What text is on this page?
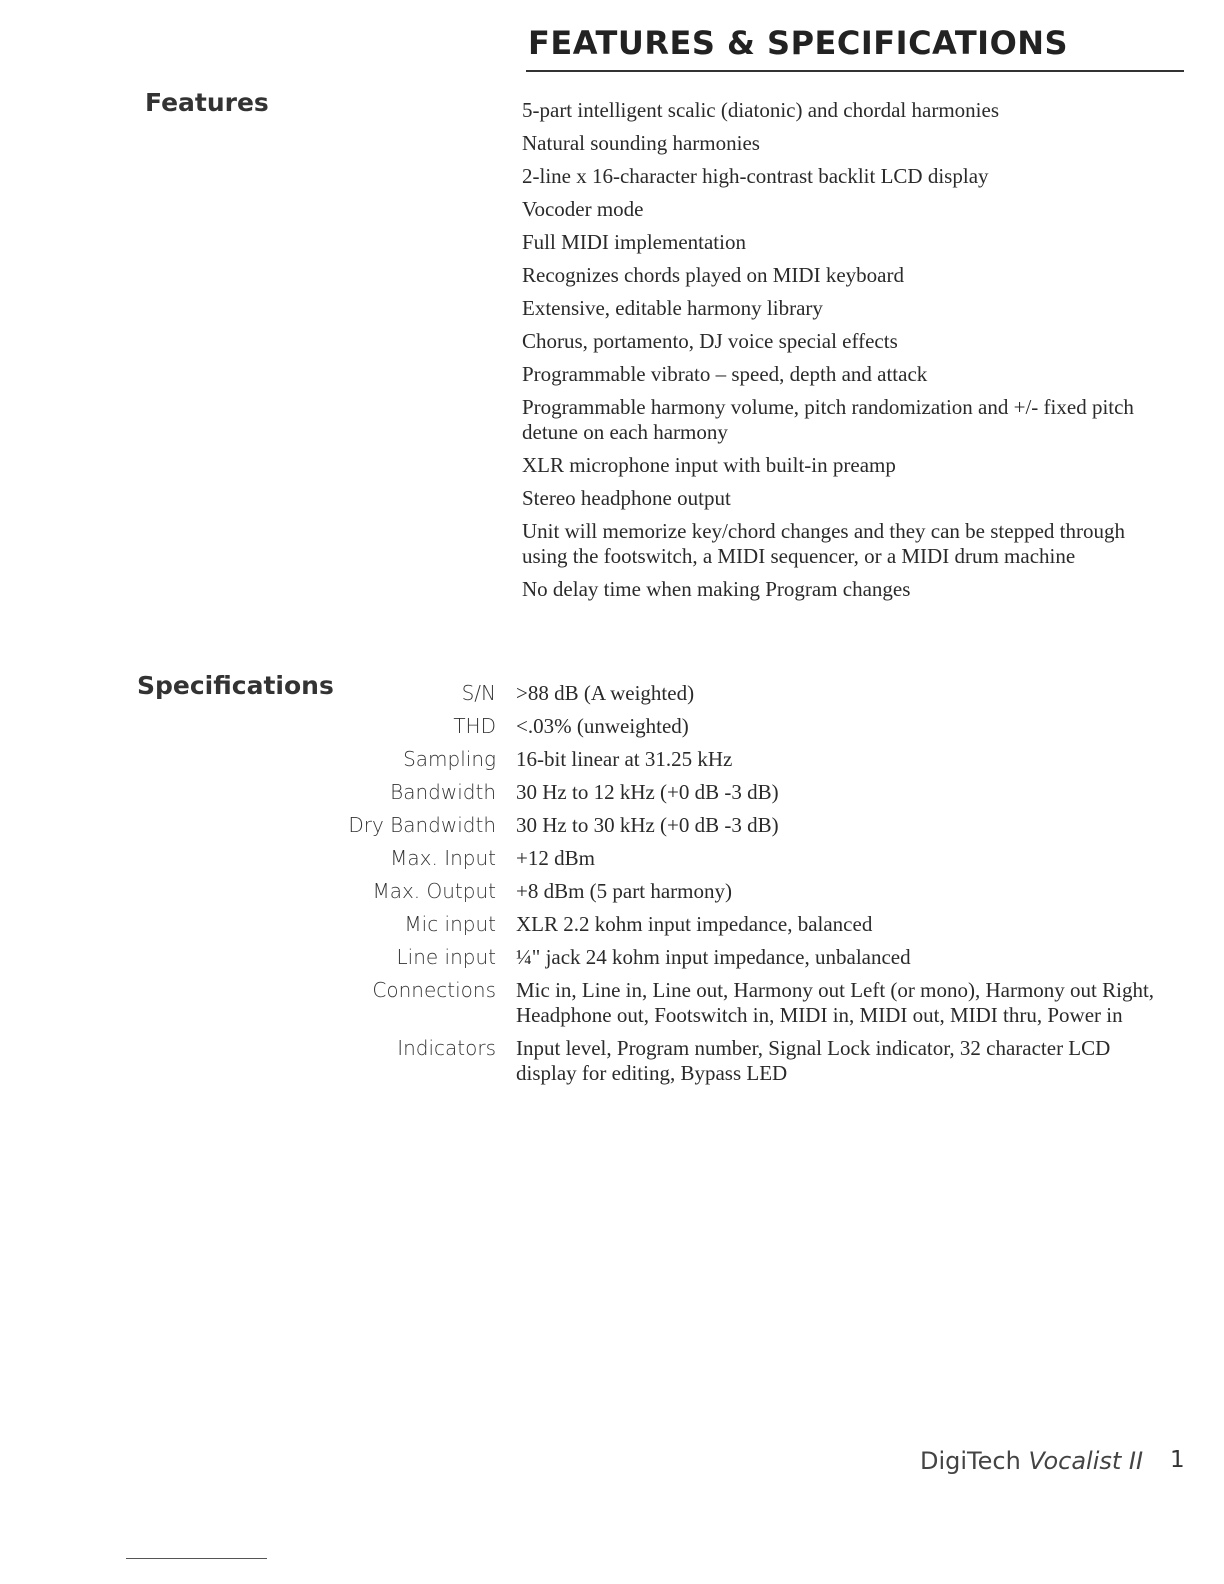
FEATURES & SPECIFICATIONS
Features	5-part intelligent scalic (diatonic) and chordal harmonies
Natural sounding harmonies
2-line x 16-character high-contrast backlit LCD display
Vocoder mode
Full MIDI implementation
Recognizes chords played on MIDI keyboard
Extensive, editable harmony library
Chorus, portamento, DJ voice special effects
Programmable vibrato – speed, depth and attack
Programmable harmony volume, pitch randomization and +/- fixed pitch detune on each harmony
XLR microphone input with built-in preamp
Stereo headphone output
Unit will memorize key/chord changes and they can be stepped through using the footswitch, a MIDI sequencer, or a MIDI drum machine
No delay time when making Program changes
Specifications	S/N	>88 dB (A weighted)
THD	<.03% (unweighted)
Sampling	16-bit linear at 31.25 kHz
Bandwidth	30 Hz to 12 kHz (+0 dB -3 dB)
Dry Bandwidth	30 Hz to 30 kHz (+0 dB -3 dB)
Max. Input	+12 dBm
Max. Output	+8 dBm (5 part harmony)
Mic input	XLR 2.2 kohm input impedance, balanced
Line input	¼" jack 24 kohm input impedance, unbalanced
Connections	Mic in, Line in, Line out, Harmony out Left (or mono), Harmony out Right, Headphone out, Footswitch in, MIDI in, MIDI out, MIDI thru, Power in
Indicators	Input level, Program number, Signal Lock indicator, 32 character LCD display for editing, Bypass LED
DigiTech Vocalist II 1
